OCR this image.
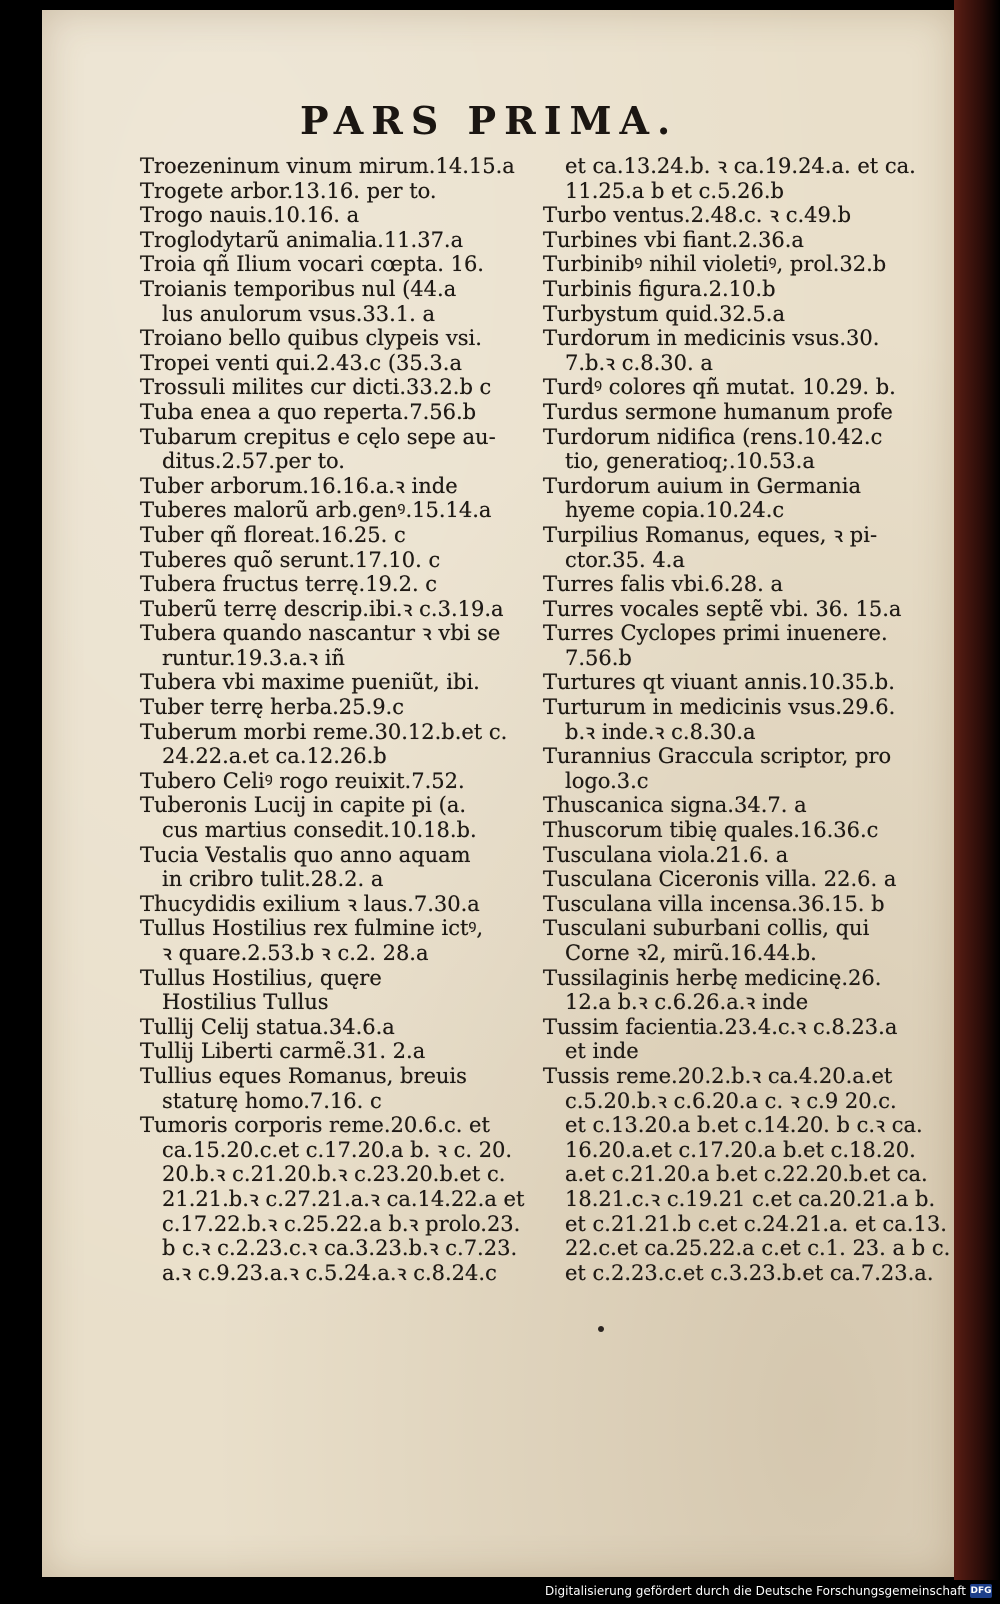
PARS PRIMA.
Troezeninum vinum mirum.14.15.a
Trogete arbor.13.16. per to.
Trogo nauis.10.16. a
Troglodytarũ animalia.11.37.a
Troia qñ Ilium vocari cœpta. 16.
Troianis temporibus nul (44.a
lus anulorum vsus.33.1. a
Troiano bello quibus clypeis vsi.
Tropei venti qui.2.43.c (35.3.a
Trossuli milites cur dicti.33.2.b c
Tuba enea a quo reperta.7.56.b
Tubarum crepitus e cęlo sepe au-
ditus.2.57.per to.
Tuber arborum.16.16.a.ꝛ inde
Tuberes malorũ arb.genꝰ.15.14.a
Tuber qñ floreat.16.25. c
Tuberes quõ serunt.17.10. c
Tubera fructus terrę.19.2. c
Tuberũ terrę descrip.ibi.ꝛ c.3.19.a
Tubera quando nascantur ꝛ vbi se
runtur.19.3.a.ꝛ iñ
Tubera vbi maxime pueniũt, ibi.
Tuber terrę herba.25.9.c
Tuberum morbi reme.30.12.b.et c.
24.22.a.et ca.12.26.b
Tubero Celiꝰ rogo reuixit.7.52.
Tuberonis Lucij in capite pi (a.
cus martius consedit.10.18.b.
Tucia Vestalis quo anno aquam
in cribro tulit.28.2. a
Thucydidis exilium ꝛ laus.7.30.a
Tullus Hostilius rex fulmine ictꝰ,
ꝛ quare.2.53.b ꝛ c.2. 28.a
Tullus Hostilius, quęre
Hostilius Tullus
Tullij Celij statua.34.6.a
Tullij Liberti carmẽ.31. 2.a
Tullius eques Romanus, breuis
staturę homo.7.16. c
Tumoris corporis reme.20.6.c. et
ca.15.20.c.et c.17.20.a b. ꝛ c. 20.
20.b.ꝛ c.21.20.b.ꝛ c.23.20.b.et c.
21.21.b.ꝛ c.27.21.a.ꝛ ca.14.22.a et
c.17.22.b.ꝛ c.25.22.a b.ꝛ prolo.23.
b c.ꝛ c.2.23.c.ꝛ ca.3.23.b.ꝛ c.7.23.
a.ꝛ c.9.23.a.ꝛ c.5.24.a.ꝛ c.8.24.c
et ca.13.24.b. ꝛ ca.19.24.a. et ca.
11.25.a b et c.5.26.b
Turbo ventus.2.48.c. ꝛ c.49.b
Turbines vbi fiant.2.36.a
Turbinibꝰ nihil violetiꝰ, prol.32.b
Turbinis figura.2.10.b
Turbystum quid.32.5.a
Turdorum in medicinis vsus.30.
7.b.ꝛ c.8.30. a
Turdꝰ colores qñ mutat. 10.29. b.
Turdus sermone humanum profe
Turdorum nidifica (rens.10.42.c
tio, generatioq;.10.53.a
Turdorum auium in Germania
hyeme copia.10.24.c
Turpilius Romanus, eques, ꝛ pi-
ctor.35. 4.a
Turres falis vbi.6.28. a
Turres vocales septẽ vbi. 36. 15.a
Turres Cyclopes primi inuenere.
7.56.b
Turtures qt viuant annis.10.35.b.
Turturum in medicinis vsus.29.6.
b.ꝛ inde.ꝛ c.8.30.a
Turannius Graccula scriptor, pro
logo.3.c
Thuscanica signa.34.7. a
Thuscorum tibię quales.16.36.c
Tusculana viola.21.6. a
Tusculana Ciceronis villa. 22.6. a
Tusculana villa incensa.36.15. b
Tusculani suburbani collis, qui
Corne ꝛ2, mirũ.16.44.b.
Tussilaginis herbę medicinę.26.
12.a b.ꝛ c.6.26.a.ꝛ inde
Tussim facientia.23.4.c.ꝛ c.8.23.a
et inde
Tussis reme.20.2.b.ꝛ ca.4.20.a.et
c.5.20.b.ꝛ c.6.20.a c. ꝛ c.9 20.c.
et c.13.20.a b.et c.14.20. b c.ꝛ ca.
16.20.a.et c.17.20.a b.et c.18.20.
a.et c.21.20.a b.et c.22.20.b.et ca.
18.21.c.ꝛ c.19.21 c.et ca.20.21.a b.
et c.21.21.b c.et c.24.21.a. et ca.13.
22.c.et ca.25.22.a c.et c.1. 23. a b c.
et c.2.23.c.et c.3.23.b.et ca.7.23.a.
Digitalisierung gefördert durch die Deutsche Forschungsgemeinschaft DFG
